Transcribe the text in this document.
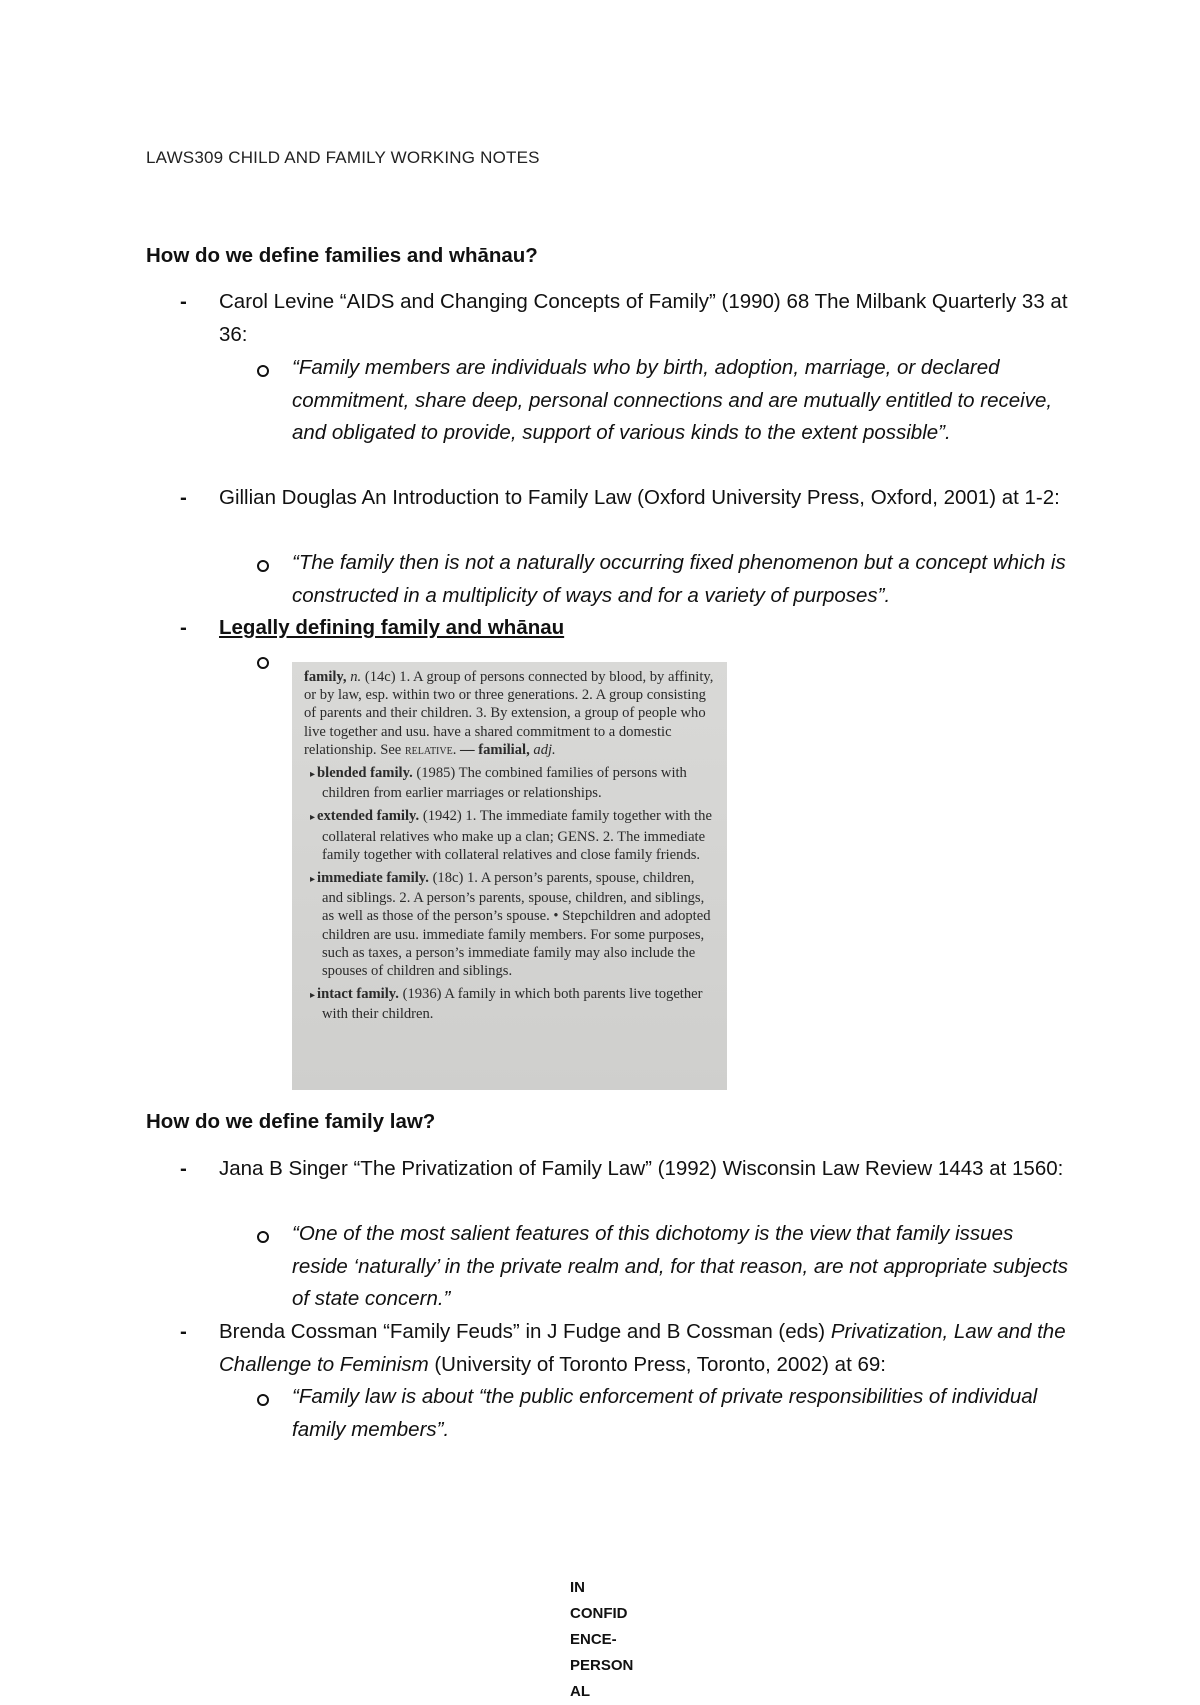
LAWS309 CHILD AND FAMILY WORKING NOTES
How do we define families and whānau?
- Carol Levine “AIDS and Changing Concepts of Family” (1990) 68 The Milbank Quarterly 33 at 36:
“Family members are individuals who by birth, adoption, marriage, or declared commitment, share deep, personal connections and are mutually entitled to receive, and obligated to provide, support of various kinds to the extent possible”.
- Gillian Douglas An Introduction to Family Law (Oxford University Press, Oxford, 2001) at 1-2:
“The family then is not a naturally occurring fixed phenomenon but a concept which is constructed in a multiplicity of ways and for a variety of purposes”.
- Legally defining family and whānau

family, n. (14c) 1. A group of persons connected by blood, by affinity, or by law, esp. within two or three generations. 2. A group consisting of parents and their children. 3. By extension, a group of people who live together and usu. have a shared commitment to a domestic relationship. See relative. — familial, adj.

▸ blended family. (1985) The combined families of persons with children from earlier marriages or relationships.

▸ extended family. (1942) 1. The immediate family together with the collateral relatives who make up a clan; GENS. 2. The immediate family together with collateral relatives and close family friends.

▸ immediate family. (18c) 1. A person’s parents, spouse, children, and siblings. 2. A person’s parents, spouse, children, and siblings, as well as those of the person’s spouse. • Stepchildren and adopted children are usu. immediate family members. For some purposes, such as taxes, a person’s immediate family may also include the spouses of children and siblings.

▸ intact family. (1936) A family in which both parents live together with their children.

How do we define family law?
- Jana B Singer “The Privatization of Family Law” (1992) Wisconsin Law Review 1443 at 1560:
“One of the most salient features of this dichotomy is the view that family issues reside ‘naturally’ in the private realm and, for that reason, are not appropriate subjects of state concern.”
- Brenda Cossman “Family Feuds” in J Fudge and B Cossman (eds) Privatization, Law and the Challenge to Feminism (University of Toronto Press, Toronto, 2002) at 69:
“Family law is about “the public enforcement of private responsibilities of individual family members”.
IN
CONFID
ENCE-
PERSON
AL
